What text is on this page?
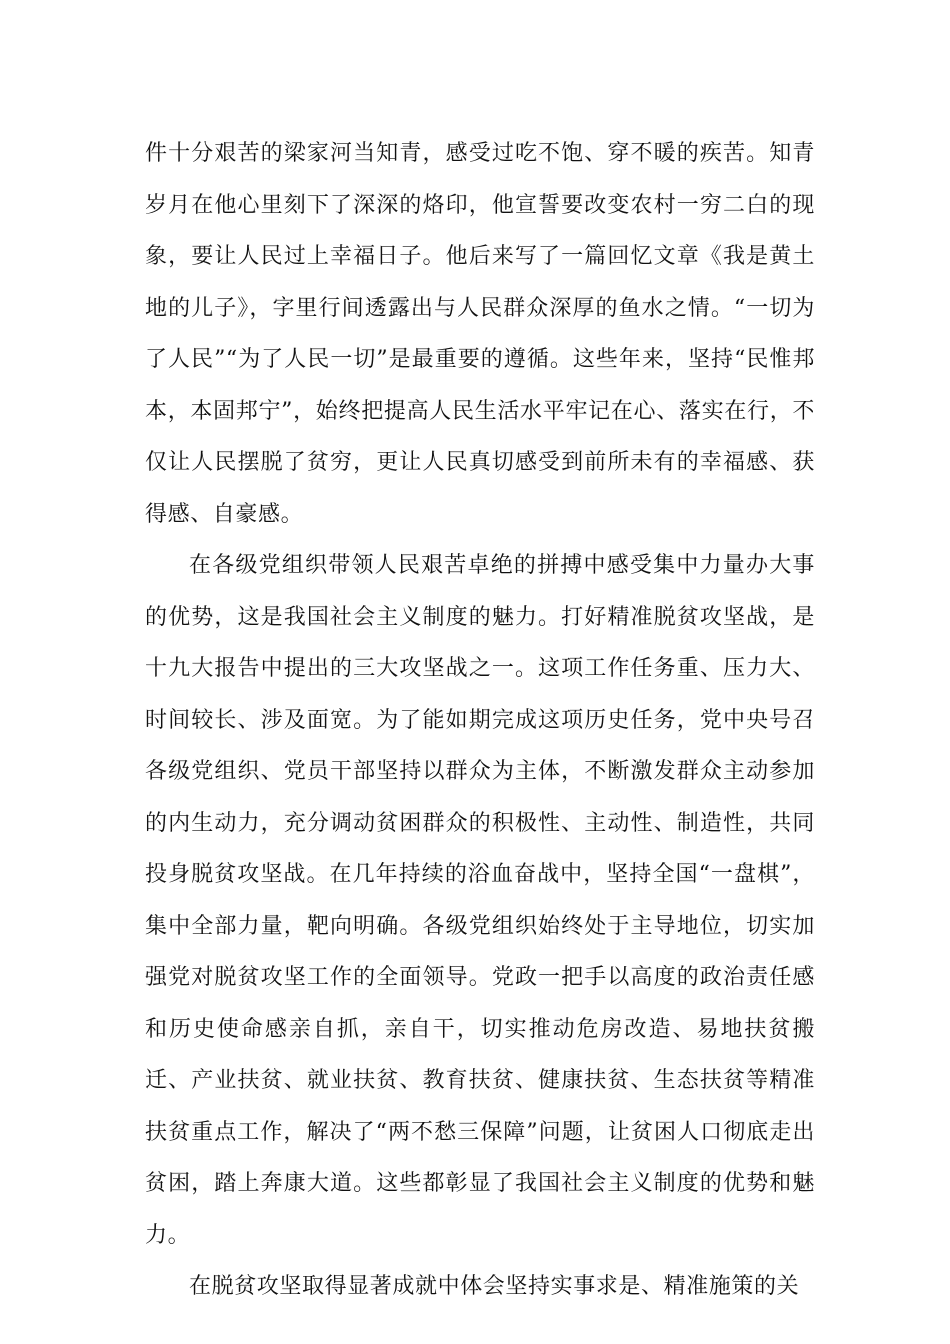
件十分艰苦的梁家河当知青，感受过吃不饱、穿不暖的疾苦。知青岁月在他心里刻下了深深的烙印，他宣誓要改变农村一穷二白的现象，要让人民过上幸福日子。他后来写了一篇回忆文章《我是黄土地的儿子》，字里行间透露出与人民群众深厚的鱼水之情。“一切为了人民”“为了人民一切”是最重要的遵循。这些年来，坚持“民惟邦本，本固邦宁”，始终把提高人民生活水平牢记在心、落实在行，不仅让人民摆脱了贫穷，更让人民真切感受到前所未有的幸福感、获得感、自豪感。

在各级党组织带领人民艰苦卓绝的拼搏中感受集中力量办大事的优势，这是我国社会主义制度的魅力。打好精准脱贫攻坚战，是十九大报告中提出的三大攻坚战之一。这项工作任务重、压力大、时间较长、涉及面宽。为了能如期完成这项历史任务，党中央号召各级党组织、党员干部坚持以群众为主体，不断激发群众主动参加的内生动力，充分调动贫困群众的积极性、主动性、制造性，共同投身脱贫攻坚战。在几年持续的浴血奋战中，坚持全国“一盘棋”，集中全部力量，靶向明确。各级党组织始终处于主导地位，切实加强党对脱贫攻坚工作的全面领导。党政一把手以高度的政治责任感和历史使命感亲自抓，亲自干，切实推动危房改造、易地扶贫搬迁、产业扶贫、就业扶贫、教育扶贫、健康扶贫、生态扶贫等精准扶贫重点工作，解决了“两不愁三保障”问题，让贫困人口彻底走出贫困，踏上奔康大道。这些都彰显了我国社会主义制度的优势和魅力。

在脱贫攻坚取得显著成就中体会坚持实事求是、精准施策的关
